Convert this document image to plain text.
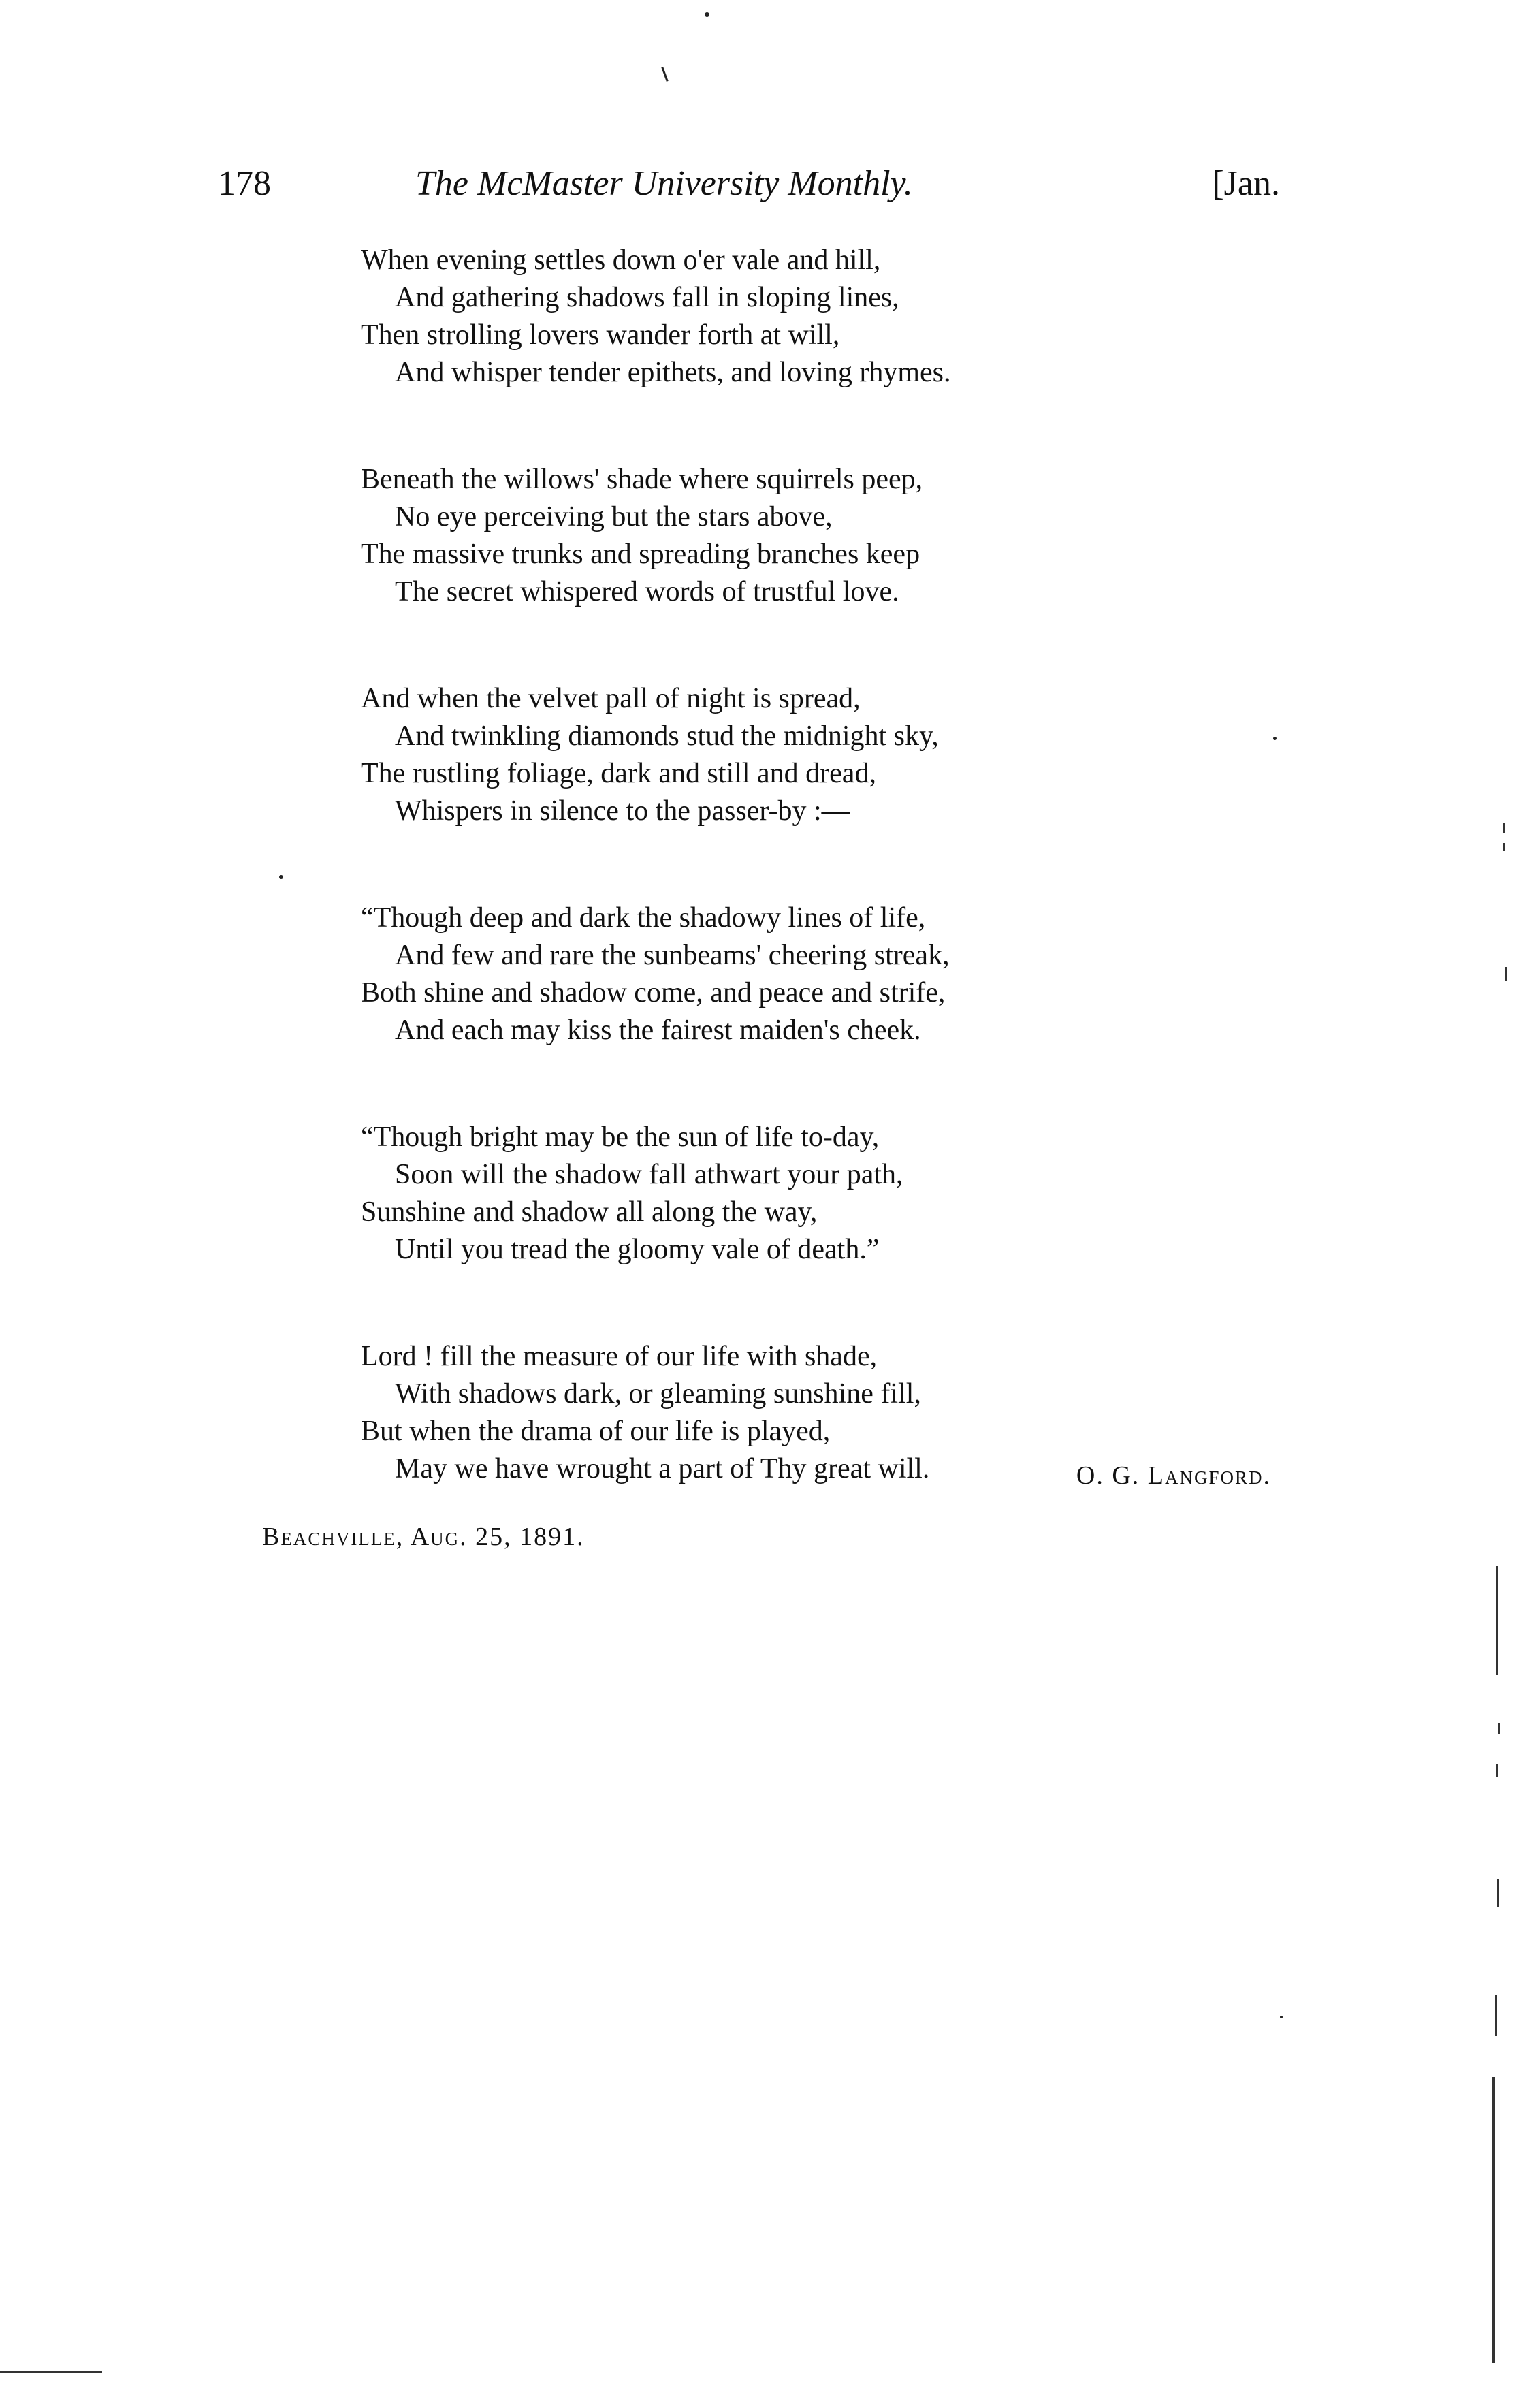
178	The McMaster University Monthly.	[Jan.
When evening settles down o'er vale and hill,
And gathering shadows fall in sloping lines,
Then strolling lovers wander forth at will,
And whisper tender epithets, and loving rhymes.
Beneath the willows' shade where squirrels peep,
No eye perceiving but the stars above,
The massive trunks and spreading branches keep
The secret whispered words of trustful love.
And when the velvet pall of night is spread,
And twinkling diamonds stud the midnight sky,
The rustling foliage, dark and still and dread,
Whispers in silence to the passer-by :—
“Though deep and dark the shadowy lines of life,
And few and rare the sunbeams' cheering streak,
Both shine and shadow come, and peace and strife,
And each may kiss the fairest maiden's cheek.
“Though bright may be the sun of life to-day,
Soon will the shadow fall athwart your path,
Sunshine and shadow all along the way,
Until you tread the gloomy vale of death.”
Lord ! fill the measure of our life with shade,
With shadows dark, or gleaming sunshine fill,
But when the drama of our life is played,
May we have wrought a part of Thy great will.	O. G. Langford.
Beachville, Aug. 25, 1891.
